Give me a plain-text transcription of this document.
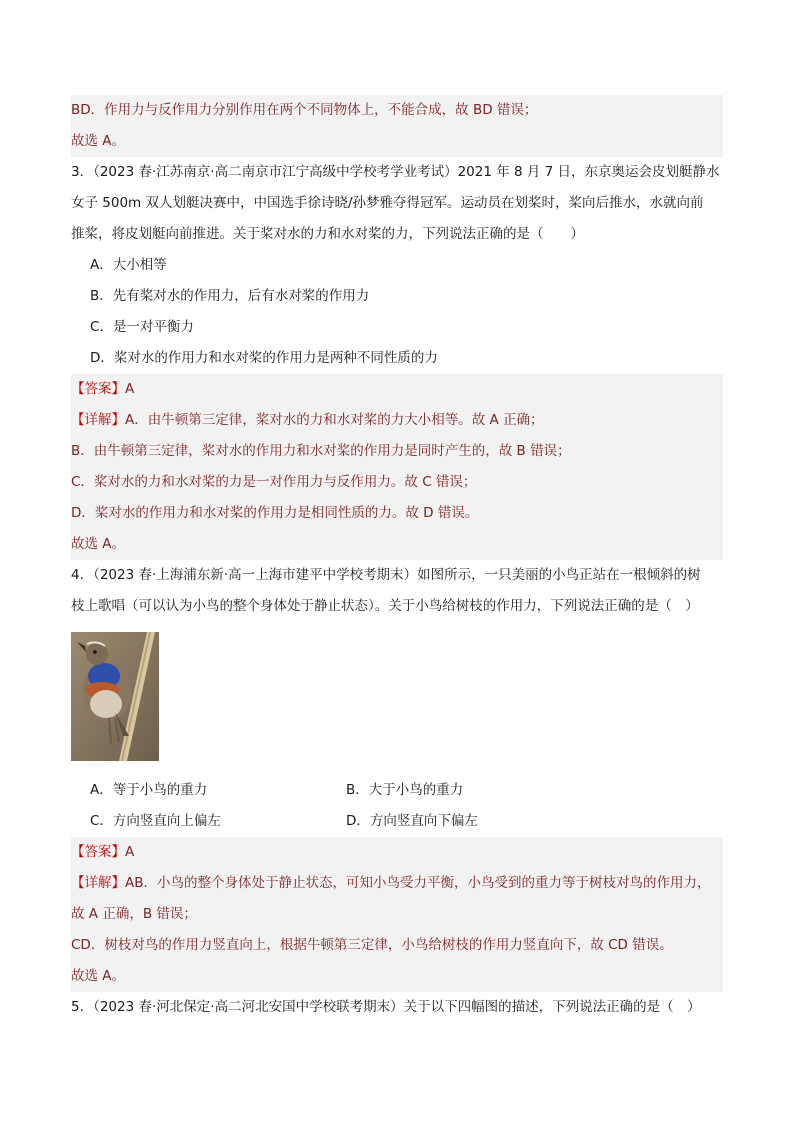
BD．作用力与反作用力分别作用在两个不同物体上，不能合成，故 BD 错误；
故选 A。
3．（2023 春·江苏南京·高二南京市江宁高级中学校考学业考试）2021 年 8 月 7 日，东京奥运会皮划艇静水
女子 500m 双人划艇决赛中，中国选手徐诗晓/孙梦雅夺得冠军。运动员在划桨时，桨向后推水，水就向前
推桨，将皮划艇向前推进。关于桨对水的力和水对桨的力，下列说法正确的是（　　）
A．大小相等
B．先有桨对水的作用力，后有水对桨的作用力
C．是一对平衡力
D．桨对水的作用力和水对桨的作用力是两种不同性质的力
【答案】A
【详解】A．由牛顿第三定律，桨对水的力和水对桨的力大小相等。故 A 正确；
B．由牛顿第三定律，桨对水的作用力和水对桨的作用力是同时产生的，故 B 错误；
C．桨对水的力和水对桨的力是一对作用力与反作用力。故 C 错误；
D．桨对水的作用力和水对桨的作用力是相同性质的力。故 D 错误。
故选 A。
4．（2023 春·上海浦东新·高一上海市建平中学校考期末）如图所示，一只美丽的小鸟正站在一根倾斜的树
枝上歌唱（可以认为小鸟的整个身体处于静止状态）。关于小鸟给树枝的作用力，下列说法正确的是（　）
A．等于小鸟的重力	B．大于小鸟的重力
C．方向竖直向上偏左	D．方向竖直向下偏左
【答案】A
【详解】AB．小鸟的整个身体处于静止状态，可知小鸟受力平衡，小鸟受到的重力等于树枝对鸟的作用力，
故 A 正确，B 错误；
CD．树枝对鸟的作用力竖直向上，根据牛顿第三定律，小鸟给树枝的作用力竖直向下，故 CD 错误。
故选 A。
5．（2023 春·河北保定·高二河北安国中学校联考期末）关于以下四幅图的描述，下列说法正确的是（　）
